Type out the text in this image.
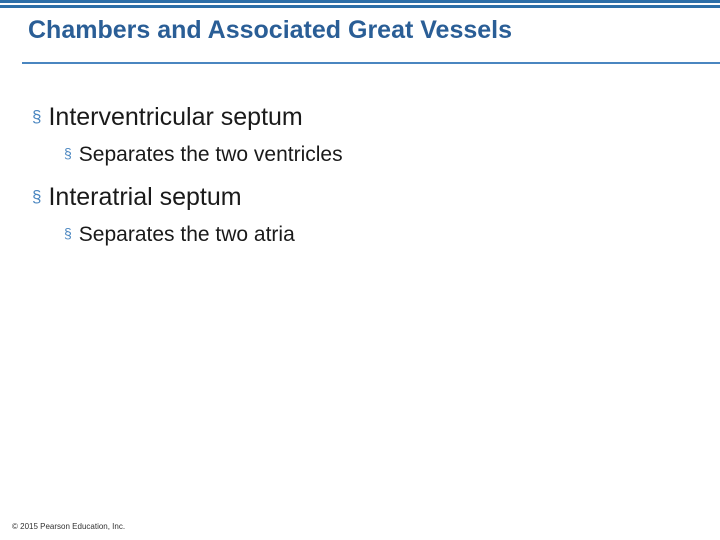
Chambers and Associated Great Vessels
§ Interventricular septum
§ Separates the two ventricles
§ Interatrial septum
§ Separates the two atria
© 2015 Pearson Education, Inc.
